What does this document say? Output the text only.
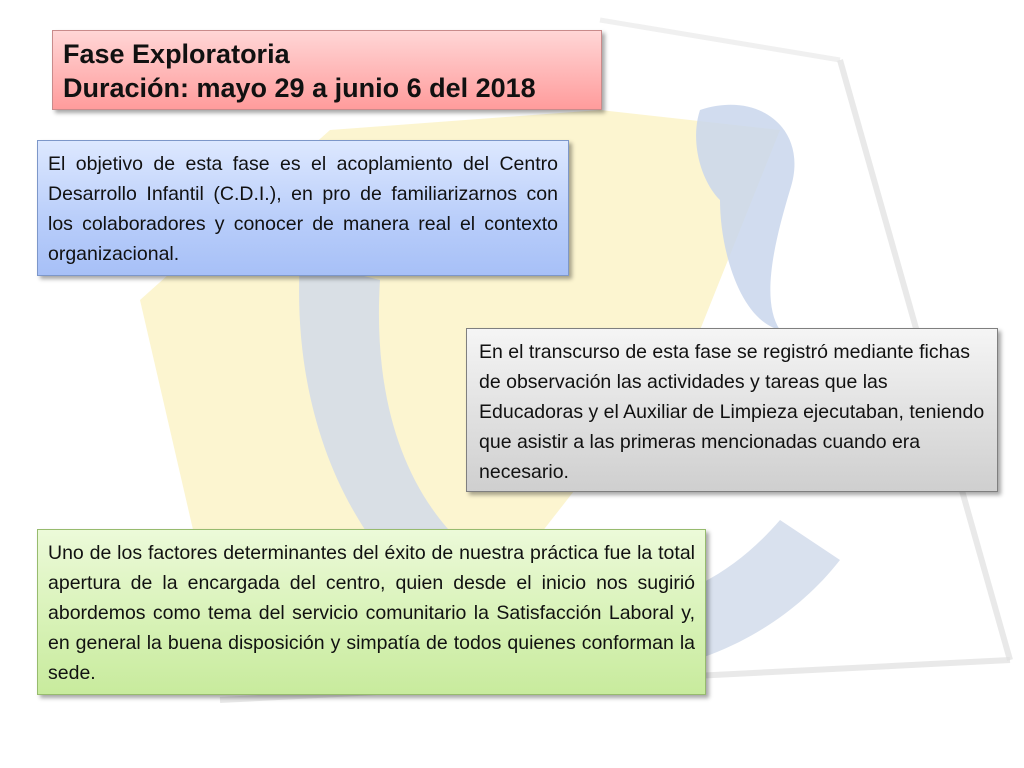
Fase Exploratoria
Duración: mayo 29 a junio 6 del 2018

El objetivo de esta fase es el acoplamiento del Centro Desarrollo Infantil (C.D.I.), en pro de familiarizarnos con los colaboradores y conocer de manera real el contexto organizacional.

En el transcurso de esta fase se registró mediante fichas de observación las actividades y tareas que las Educadoras y el Auxiliar de Limpieza ejecutaban, teniendo que asistir a las primeras mencionadas cuando era necesario.

Uno de los factores determinantes del éxito de nuestra práctica fue la total apertura de la encargada del centro, quien desde el inicio nos sugirió abordemos como tema del servicio comunitario la Satisfacción Laboral y, en general la buena disposición y simpatía de todos quienes conforman la sede.
